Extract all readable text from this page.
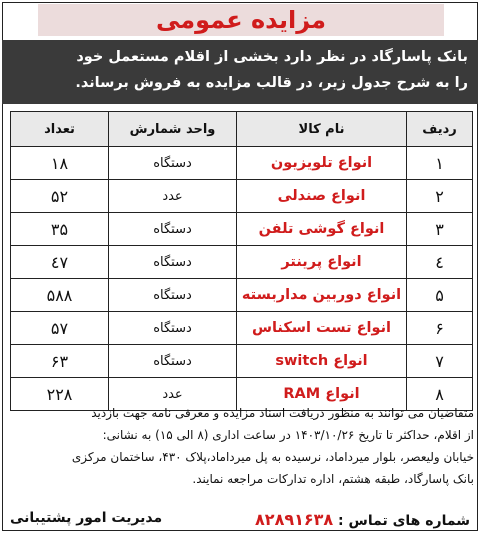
مزایده عمومی
بانک پاسارگاد در نظر دارد بخشی از اقلام مستعمل خود
را به شرح جدول زیر، در قالب مزایده به فروش برساند.
ردیف	نام کالا	واحد شمارش	تعداد
۱	انواع تلویزیون	دستگاه	۱۸
۲	انواع صندلی	عدد	۵۲
۳	انواع گوشی تلفن	دستگاه	۳۵
٤	انواع پرینتر	دستگاه	٤۷
۵	انواع دوربین مداربسته	دستگاه	۵۸۸
۶	انواع تست اسکناس	دستگاه	۵۷
۷	انواع switch	دستگاه	۶۳
۸	انواع RAM	عدد	۲۲۸
متقاضیان می توانند به منظور دریافت اسناد مزایده و معرفی نامه جهت بازدید
از اقلام، حداکثر تا تاریخ ۱۴۰۳/۱۰/۲۶ در ساعت اداری (۸ الی ۱۵) به نشانی:
خیابان ولیعصر، بلوار میرداماد، نرسیده به پل میرداماد،پلاک ۴۳۰، ساختمان مرکزی
بانک پاسارگاد، طبقه هشتم، اداره تدارکات مراجعه نمایند.
شماره های تماس : ۸۲۸۹۱۶۳۸
مدیریت امور پشتیبانی
